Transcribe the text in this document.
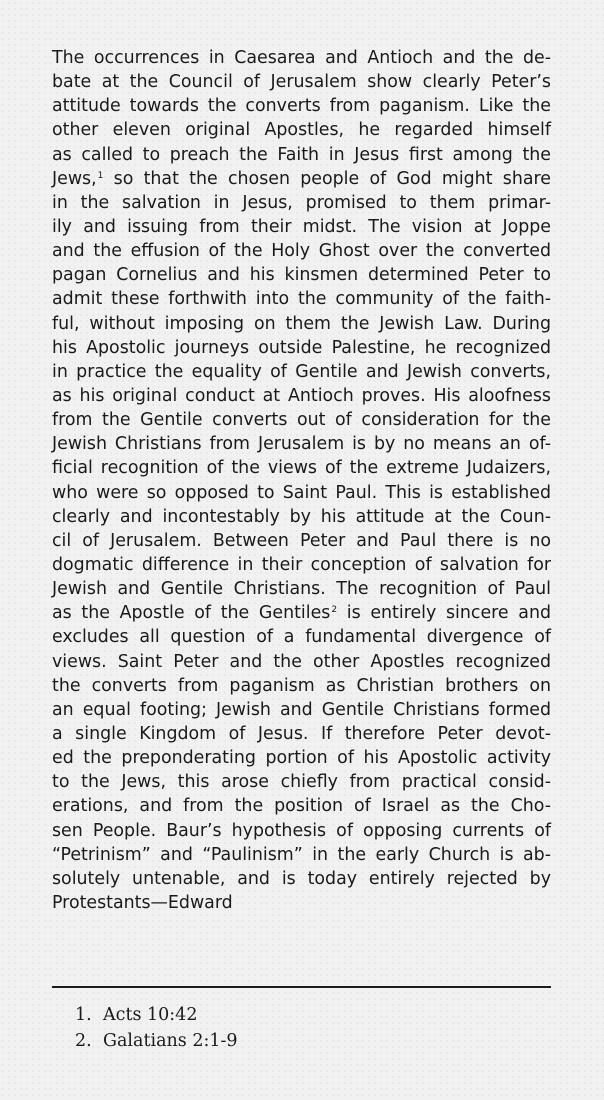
The occurrences in Caesarea and Antioch and the de-
bate at the Council of Jerusalem show clearly Peter’s
attitude towards the converts from paganism. Like the
other eleven original Apostles, he regarded himself
as called to preach the Faith in Jesus first among the
Jews,$^1$ so that the chosen people of God might share
in the salvation in Jesus, promised to them primar-
ily and issuing from their midst. The vision at Joppe
and the effusion of the Holy Ghost over the converted
pagan Cornelius and his kinsmen determined Peter to
admit these forthwith into the community of the faith-
ful, without imposing on them the Jewish Law. During
his Apostolic journeys outside Palestine, he recognized
in practice the equality of Gentile and Jewish converts,
as his original conduct at Antioch proves. His aloofness
from the Gentile converts out of consideration for the
Jewish Christians from Jerusalem is by no means an of-
ficial recognition of the views of the extreme Judaizers,
who were so opposed to Saint Paul. This is established
clearly and incontestably by his attitude at the Coun-
cil of Jerusalem. Between Peter and Paul there is no
dogmatic difference in their conception of salvation for
Jewish and Gentile Christians. The recognition of Paul
as the Apostle of the Gentiles$^2$ is entirely sincere and
excludes all question of a fundamental divergence of
views. Saint Peter and the other Apostles recognized
the converts from paganism as Christian brothers on
an equal footing; Jewish and Gentile Christians formed
a single Kingdom of Jesus. If therefore Peter devot-
ed the preponderating portion of his Apostolic activity
to the Jews, this arose chiefly from practical consid-
erations, and from the position of Israel as the Cho-
sen People. Baur’s hypothesis of opposing currents of
“Petrinism” and “Paulinism” in the early Church is ab-
solutely untenable, and is today entirely rejected by
Protestants—Edward
1. Acts 10:42
2. Galatians 2:1-9
